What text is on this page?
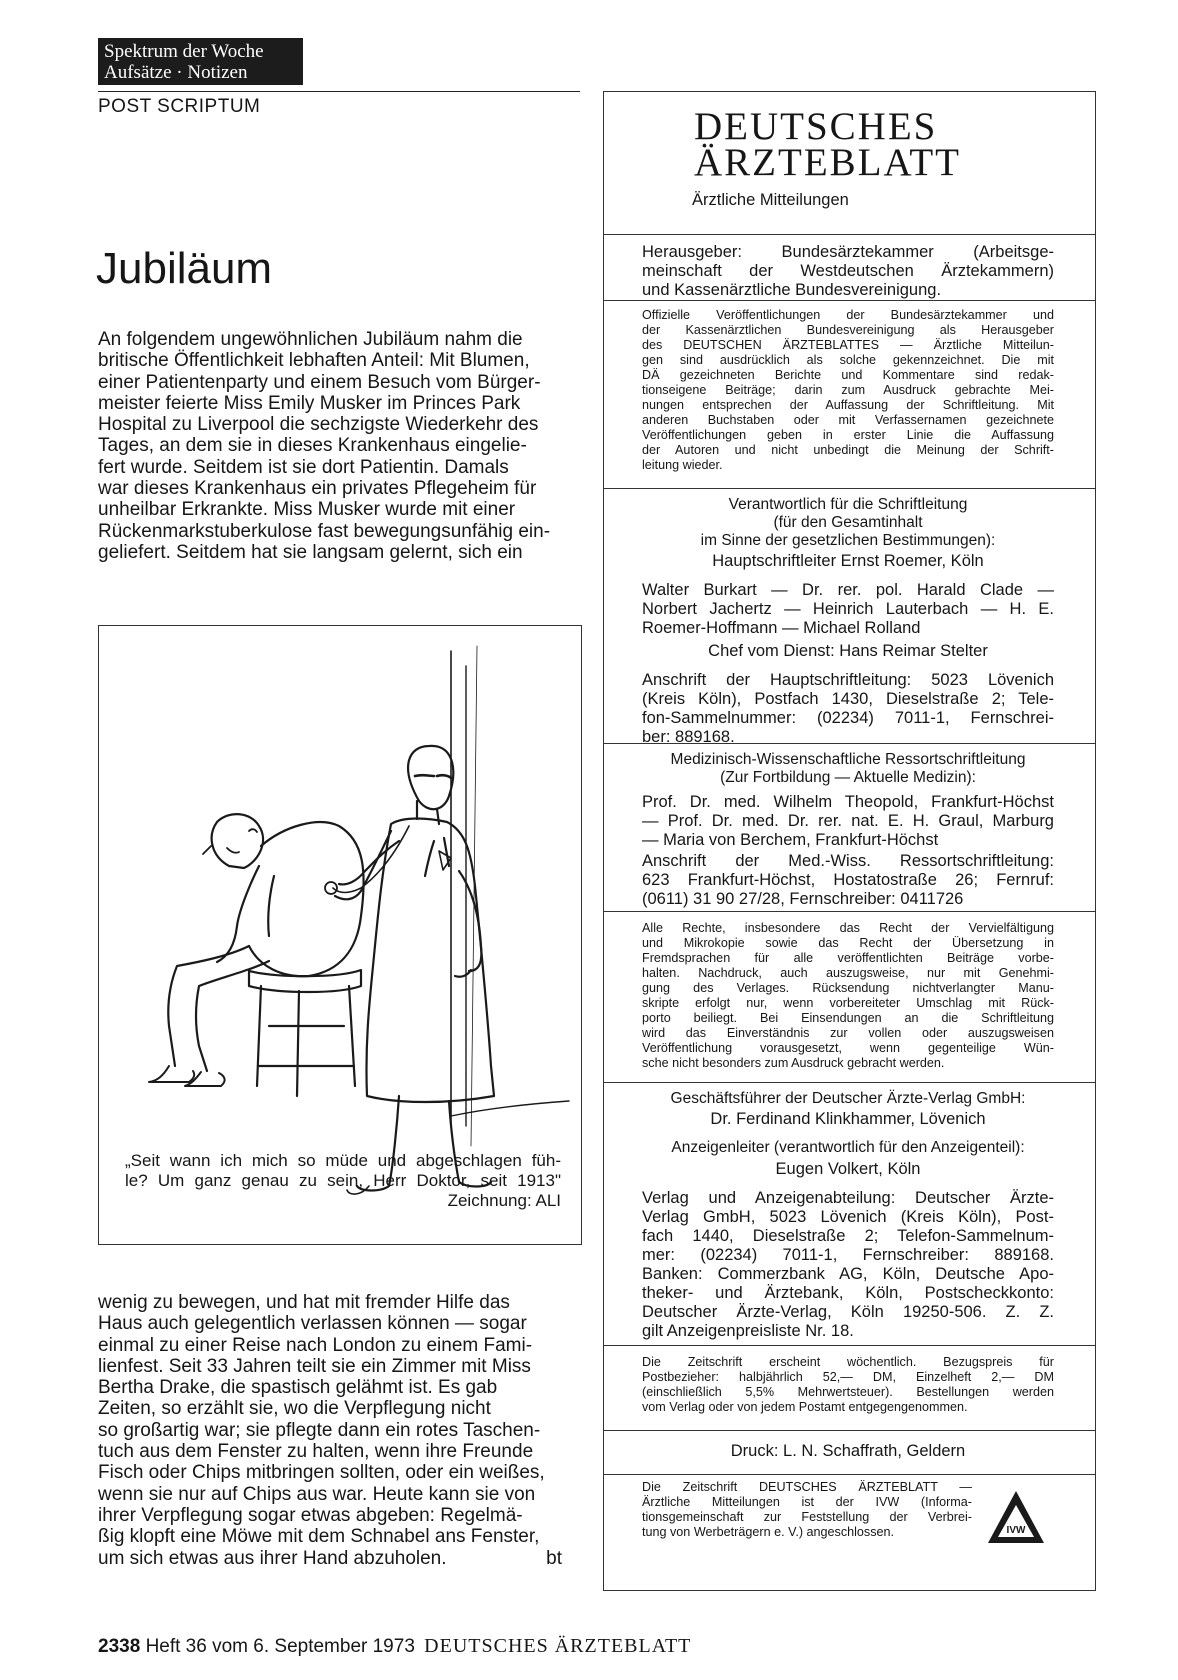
Spektrum der Woche
Aufsätze · Notizen
POST SCRIPTUM
Jubiläum

An folgendem ungewöhnlichen Jubiläum nahm die
britische Öffentlichkeit lebhaften Anteil: Mit Blumen,
einer Patientenparty und einem Besuch vom Bürger-
meister feierte Miss Emily Musker im Princes Park
Hospital zu Liverpool die sechzigste Wiederkehr des
Tages, an dem sie in dieses Krankenhaus eingelie-
fert wurde. Seitdem ist sie dort Patientin. Damals
war dieses Krankenhaus ein privates Pflegeheim für
unheilbar Erkrankte. Miss Musker wurde mit einer
Rückenmarkstuberkulose fast bewegungsunfähig ein-
geliefert. Seitdem hat sie langsam gelernt, sich ein

„Seit wann ich mich so müde und abgeschlagen füh-
le? Um ganz genau zu sein, Herr Doktor, seit 1913"
Zeichnung: ALI

wenig zu bewegen, und hat mit fremder Hilfe das
Haus auch gelegentlich verlassen können — sogar
einmal zu einer Reise nach London zu einem Fami-
lienfest. Seit 33 Jahren teilt sie ein Zimmer mit Miss
Bertha Drake, die spastisch gelähmt ist. Es gab
Zeiten, so erzählt sie, wo die Verpflegung nicht
so großartig war; sie pflegte dann ein rotes Taschen-
tuch aus dem Fenster zu halten, wenn ihre Freunde
Fisch oder Chips mitbringen sollten, oder ein weißes,
wenn sie nur auf Chips aus war. Heute kann sie von
ihrer Verpflegung sogar etwas abgeben: Regelmä-
ßig klopft eine Möwe mit dem Schnabel ans Fenster,
um sich etwas aus ihrer Hand abzuholen.	bt

DEUTSCHES
ÄRZTEBLATT
Ärztliche Mitteilungen
Herausgeber: Bundesärztekammer (Arbeitsge-
meinschaft der Westdeutschen Ärztekammern)
und Kassenärztliche Bundesvereinigung.
Offizielle Veröffentlichungen der Bundesärztekammer und
der Kassenärztlichen Bundesvereinigung als Herausgeber
des DEUTSCHEN ÄRZTEBLATTES — Ärztliche Mitteilun-
gen sind ausdrücklich als solche gekennzeichnet. Die mit
DÄ gezeichneten Berichte und Kommentare sind redak-
tionseigene Beiträge; darin zum Ausdruck gebrachte Mei-
nungen entsprechen der Auffassung der Schriftleitung. Mit
anderen Buchstaben oder mit Verfassernamen gezeichnete
Veröffentlichungen geben in erster Linie die Auffassung
der Autoren und nicht unbedingt die Meinung der Schrift-
leitung wieder.
Verantwortlich für die Schriftleitung
(für den Gesamtinhalt
im Sinne der gesetzlichen Bestimmungen):
Hauptschriftleiter Ernst Roemer, Köln
Walter Burkart — Dr. rer. pol. Harald Clade —
Norbert Jachertz — Heinrich Lauterbach — H. E.
Roemer-Hoffmann — Michael Rolland
Chef vom Dienst: Hans Reimar Stelter
Anschrift der Hauptschriftleitung: 5023 Lövenich
(Kreis Köln), Postfach 1430, Dieselstraße 2; Tele-
fon-Sammelnummer: (02234) 7011-1, Fernschrei-
ber: 889168.
Medizinisch-Wissenschaftliche Ressortschriftleitung
(Zur Fortbildung — Aktuelle Medizin):
Prof. Dr. med. Wilhelm Theopold, Frankfurt-Höchst
— Prof. Dr. med. Dr. rer. nat. E. H. Graul, Marburg
— Maria von Berchem, Frankfurt-Höchst
Anschrift der Med.-Wiss. Ressortschriftleitung:
623 Frankfurt-Höchst, Hostatostraße 26; Fernruf:
(0611) 31 90 27/28, Fernschreiber: 0411726
Alle Rechte, insbesondere das Recht der Vervielfältigung
und Mikrokopie sowie das Recht der Übersetzung in
Fremdsprachen für alle veröffentlichten Beiträge vorbe-
halten. Nachdruck, auch auszugsweise, nur mit Genehmi-
gung des Verlages. Rücksendung nichtverlangter Manu-
skripte erfolgt nur, wenn vorbereiteter Umschlag mit Rück-
porto beiliegt. Bei Einsendungen an die Schriftleitung
wird das Einverständnis zur vollen oder auszugsweisen
Veröffentlichung vorausgesetzt, wenn gegenteilige Wün-
sche nicht besonders zum Ausdruck gebracht werden.
Geschäftsführer der Deutscher Ärzte-Verlag GmbH:
Dr. Ferdinand Klinkhammer, Lövenich
Anzeigenleiter (verantwortlich für den Anzeigenteil):
Eugen Volkert, Köln
Verlag und Anzeigenabteilung: Deutscher Ärzte-
Verlag GmbH, 5023 Lövenich (Kreis Köln), Post-
fach 1440, Dieselstraße 2; Telefon-Sammelnum-
mer: (02234) 7011-1, Fernschreiber: 889168.
Banken: Commerzbank AG, Köln, Deutsche Apo-
theker- und Ärztebank, Köln, Postscheckkonto:
Deutscher Ärzte-Verlag, Köln 19250-506. Z. Z.
gilt Anzeigenpreisliste Nr. 18.
Die Zeitschrift erscheint wöchentlich. Bezugspreis für
Postbezieher: halbjährlich 52,— DM, Einzelheft 2,— DM
(einschließlich 5,5% Mehrwertsteuer). Bestellungen werden
vom Verlag oder von jedem Postamt entgegengenommen.
Druck: L. N. Schaffrath, Geldern
Die Zeitschrift DEUTSCHES ÄRZTEBLATT —
Ärztliche Mitteilungen ist der IVW (Informa-
tionsgemeinschaft zur Feststellung der Verbrei-
tung von Werbeträgern e. V.) angeschlossen.	IVW
2338 Heft 36 vom 6. September 1973 DEUTSCHES ÄRZTEBLATT
